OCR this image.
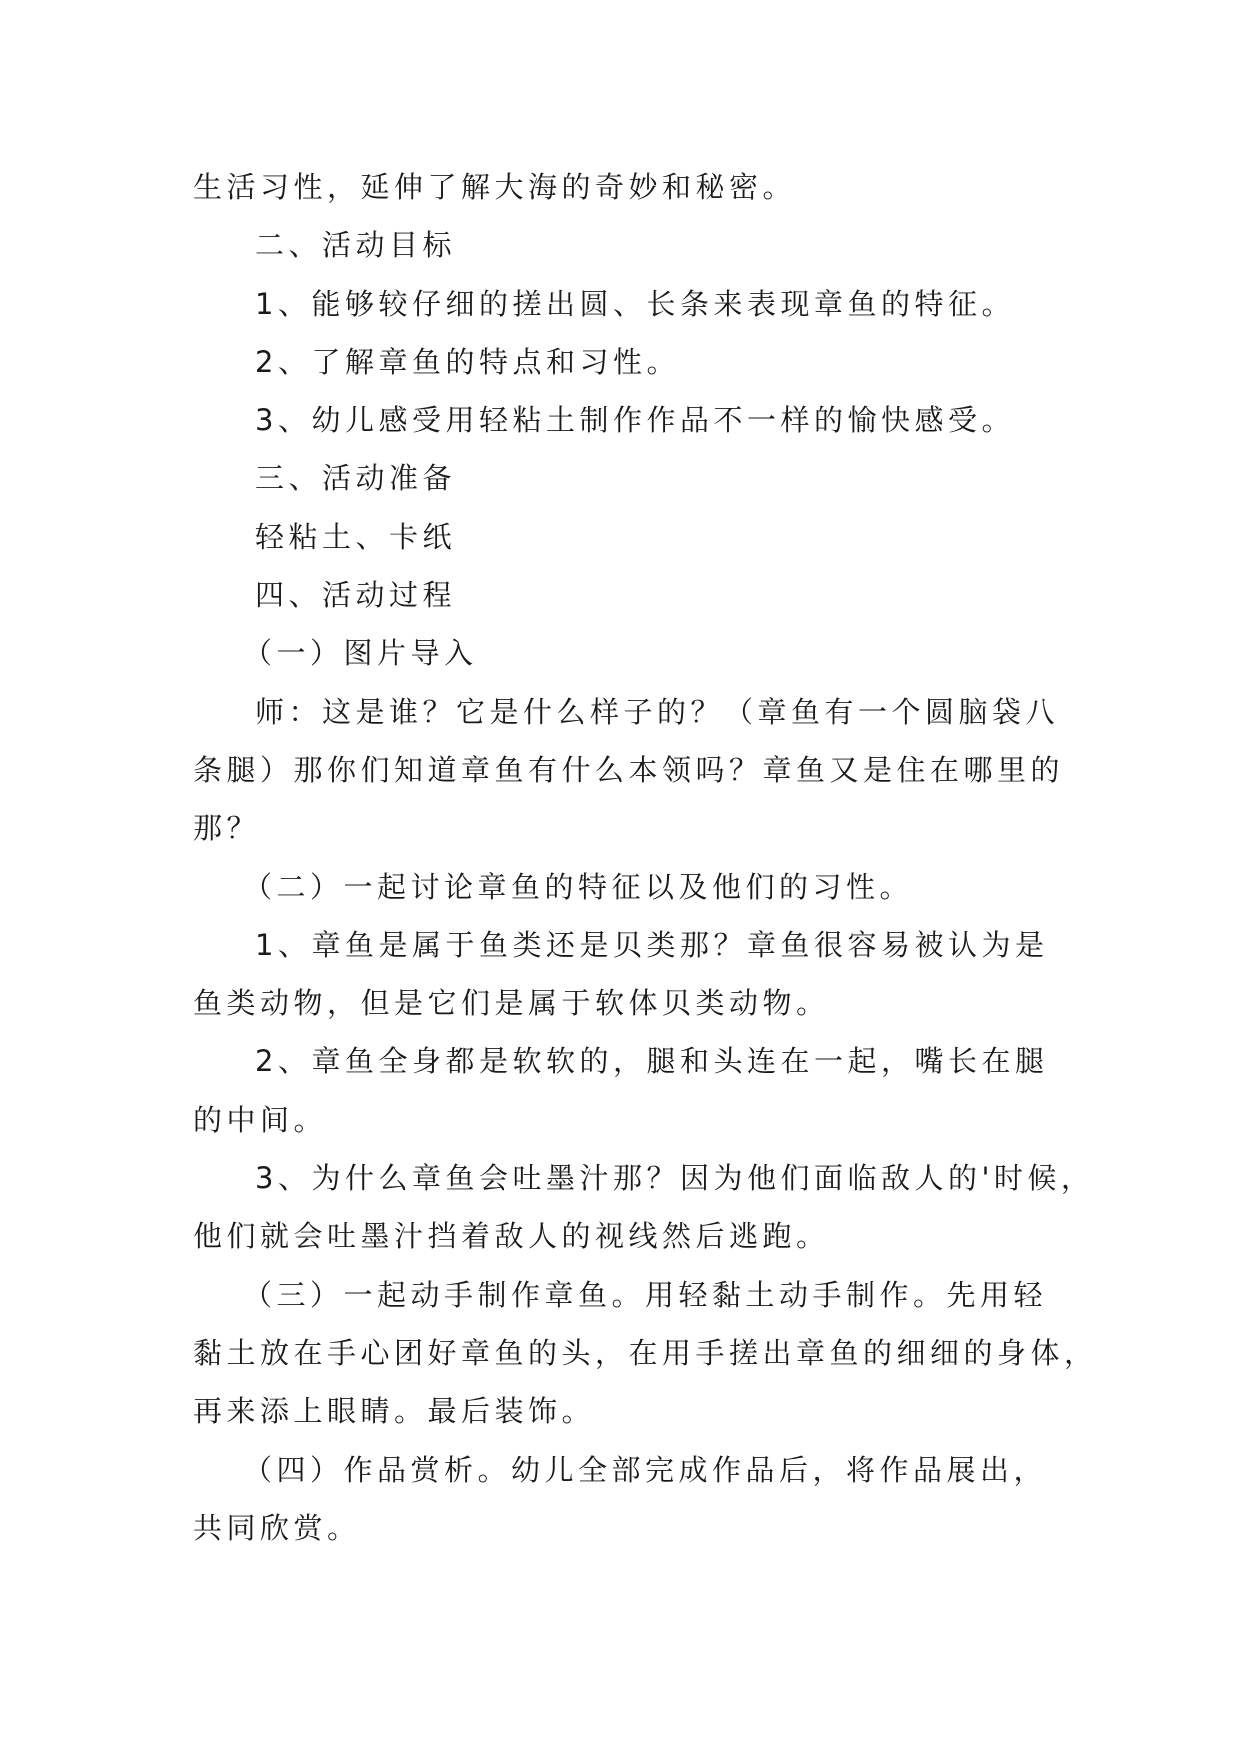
生活习性，延伸了解大海的奇妙和秘密。
二、活动目标
1、能够较仔细的搓出圆、长条来表现章鱼的特征。
2、了解章鱼的特点和习性。
3、幼儿感受用轻粘土制作作品不一样的愉快感受。
三、活动准备
轻粘土、卡纸
四、活动过程
（一）图片导入
师：这是谁？它是什么样子的？（章鱼有一个圆脑袋八
条腿）那你们知道章鱼有什么本领吗？章鱼又是住在哪里的
那？
（二）一起讨论章鱼的特征以及他们的习性。
1、章鱼是属于鱼类还是贝类那？章鱼很容易被认为是
鱼类动物，但是它们是属于软体贝类动物。
2、章鱼全身都是软软的，腿和头连在一起，嘴长在腿
的中间。
3、为什么章鱼会吐墨汁那？因为他们面临敌人的'时候，
他们就会吐墨汁挡着敌人的视线然后逃跑。
（三）一起动手制作章鱼。用轻黏土动手制作。先用轻
黏土放在手心团好章鱼的头，在用手搓出章鱼的细细的身体，
再来添上眼睛。最后装饰。
（四）作品赏析。幼儿全部完成作品后，将作品展出，
共同欣赏。
